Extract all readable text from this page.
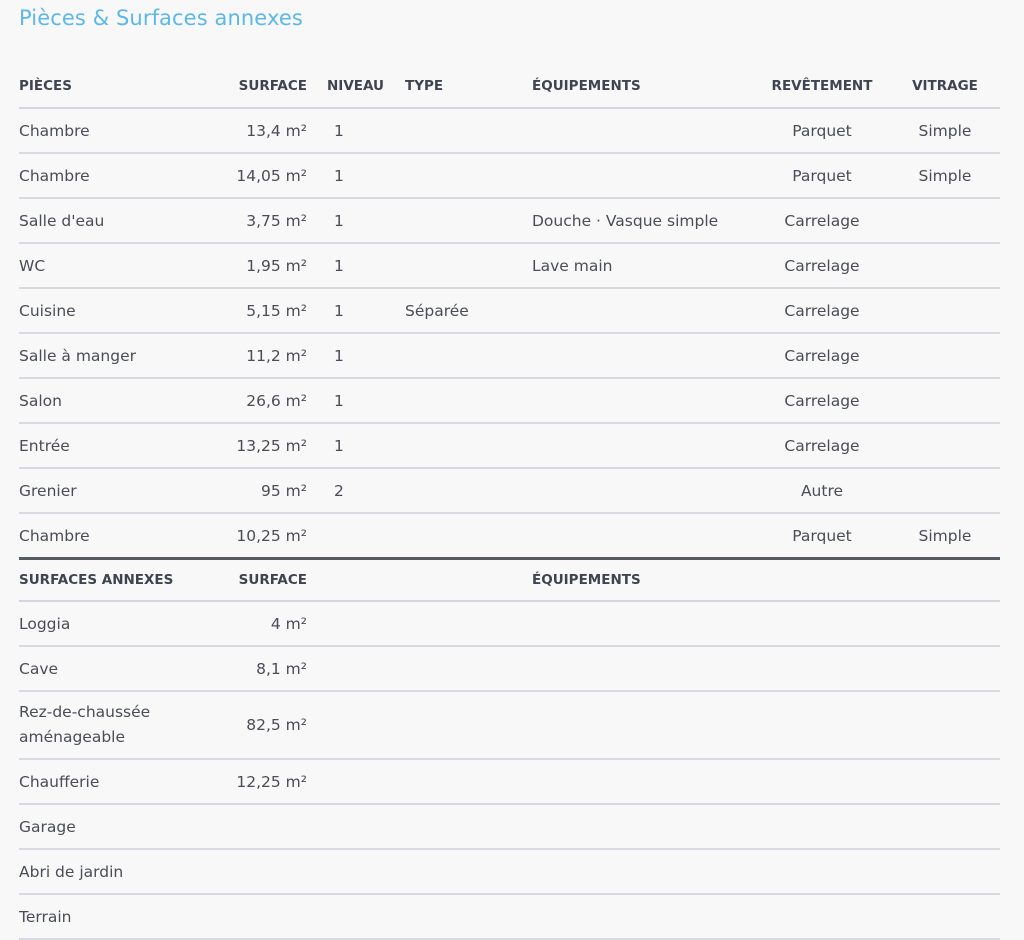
Pièces & Surfaces annexes
PIÈCES	SURFACE	NIVEAU	TYPE	ÉQUIPEMENTS	REVÊTEMENT	VITRAGE
Chambre	13,4 m²	1			Parquet	Simple
Chambre	14,05 m²	1			Parquet	Simple
Salle d'eau	3,75 m²	1		Douche · Vasque simple	Carrelage	
WC	1,95 m²	1		Lave main	Carrelage	
Cuisine	5,15 m²	1	Séparée		Carrelage	
Salle à manger	11,2 m²	1			Carrelage	
Salon	26,6 m²	1			Carrelage	
Entrée	13,25 m²	1			Carrelage	
Grenier	95 m²	2			Autre	
Chambre	10,25 m²				Parquet	Simple
SURFACES ANNEXES	SURFACE			ÉQUIPEMENTS		
Loggia	4 m²					
Cave	8,1 m²					
Rez-de-chaussée aménageable	82,5 m²					
Chaufferie	12,25 m²					
Garage						
Abri de jardin						
Terrain						
